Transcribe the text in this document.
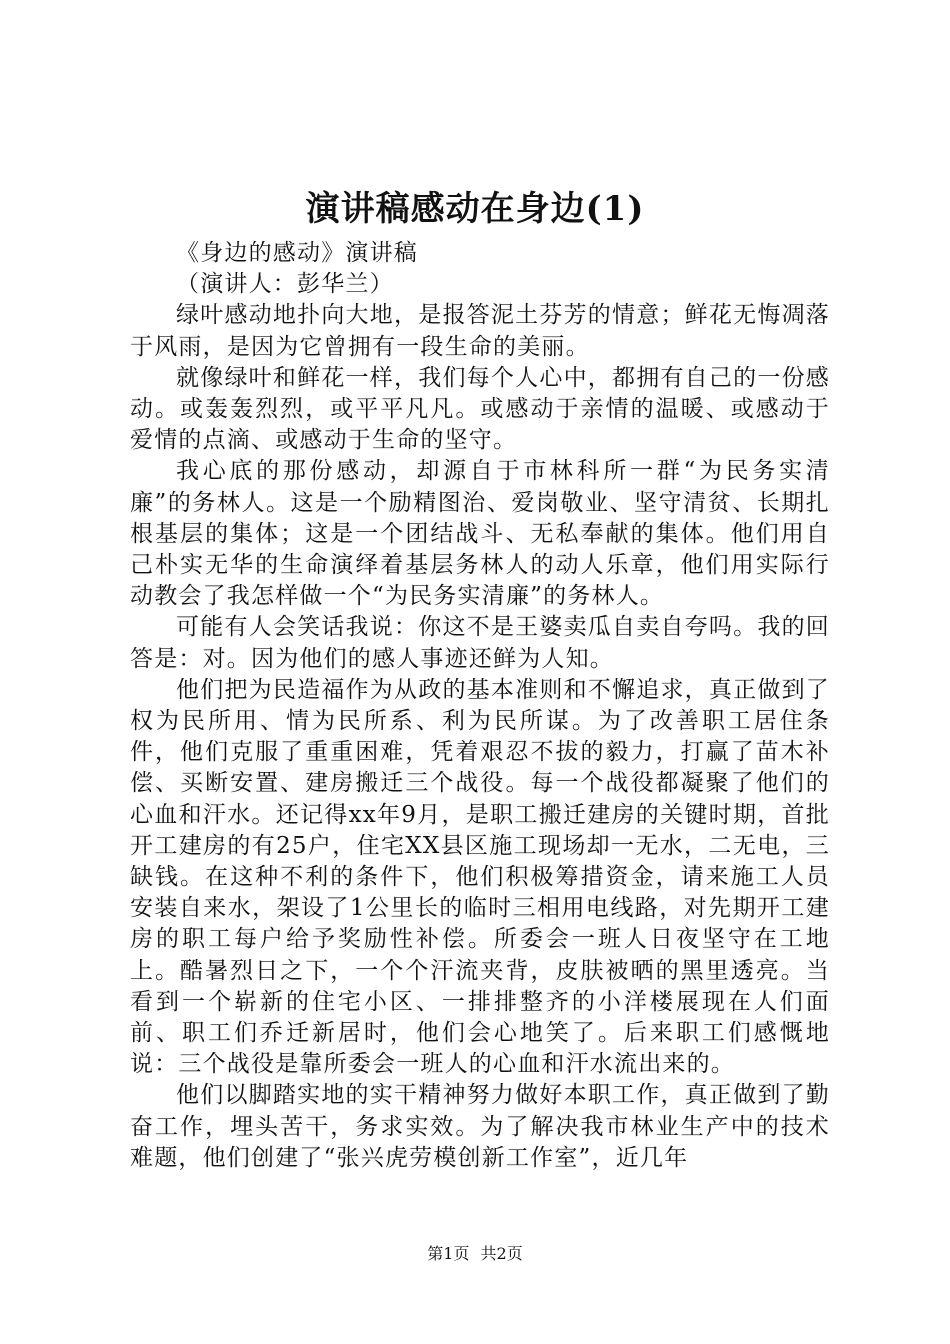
演讲稿感动在身边(1)

《身边的感动》演讲稿

（演讲人：彭华兰）

绿叶感动地扑向大地，是报答泥土芬芳的情意；鲜花无悔凋落于风雨，是因为它曾拥有一段生命的美丽。

就像绿叶和鲜花一样，我们每个人心中，都拥有自己的一份感动。或轰轰烈烈，或平平凡凡。或感动于亲情的温暖、或感动于爱情的点滴、或感动于生命的坚守。

我心底的那份感动，却源自于市林科所一群“为民务实清廉”的务林人。这是一个励精图治、爱岗敬业、坚守清贫、长期扎根基层的集体；这是一个团结战斗、无私奉献的集体。他们用自己朴实无华的生命演绎着基层务林人的动人乐章，他们用实际行动教会了我怎样做一个“为民务实清廉”的务林人。

可能有人会笑话我说：你这不是王婆卖瓜自卖自夸吗。我的回答是：对。因为他们的感人事迹还鲜为人知。

他们把为民造福作为从政的基本准则和不懈追求，真正做到了权为民所用、情为民所系、利为民所谋。为了改善职工居住条件，他们克服了重重困难，凭着艰忍不拔的毅力，打赢了苗木补偿、买断安置、建房搬迁三个战役。每一个战役都凝聚了他们的心血和汗水。还记得xx年9月，是职工搬迁建房的关键时期，首批开工建房的有25户，住宅XX县区施工现场却一无水，二无电，三缺钱。在这种不利的条件下，他们积极筹措资金，请来施工人员安装自来水，架设了1公里长的临时三相用电线路，对先期开工建房的职工每户给予奖励性补偿。所委会一班人日夜坚守在工地上。酷暑烈日之下，一个个汗流夹背，皮肤被晒的黑里透亮。当看到一个崭新的住宅小区、一排排整齐的小洋楼展现在人们面前、职工们乔迁新居时，他们会心地笑了。后来职工们感慨地说：三个战役是靠所委会一班人的心血和汗水流出来的。

他们以脚踏实地的实干精神努力做好本职工作，真正做到了勤奋工作，埋头苦干，务求实效。为了解决我市林业生产中的技术难题，他们创建了“张兴虎劳模创新工作室”，近几年

第1页 共2页
